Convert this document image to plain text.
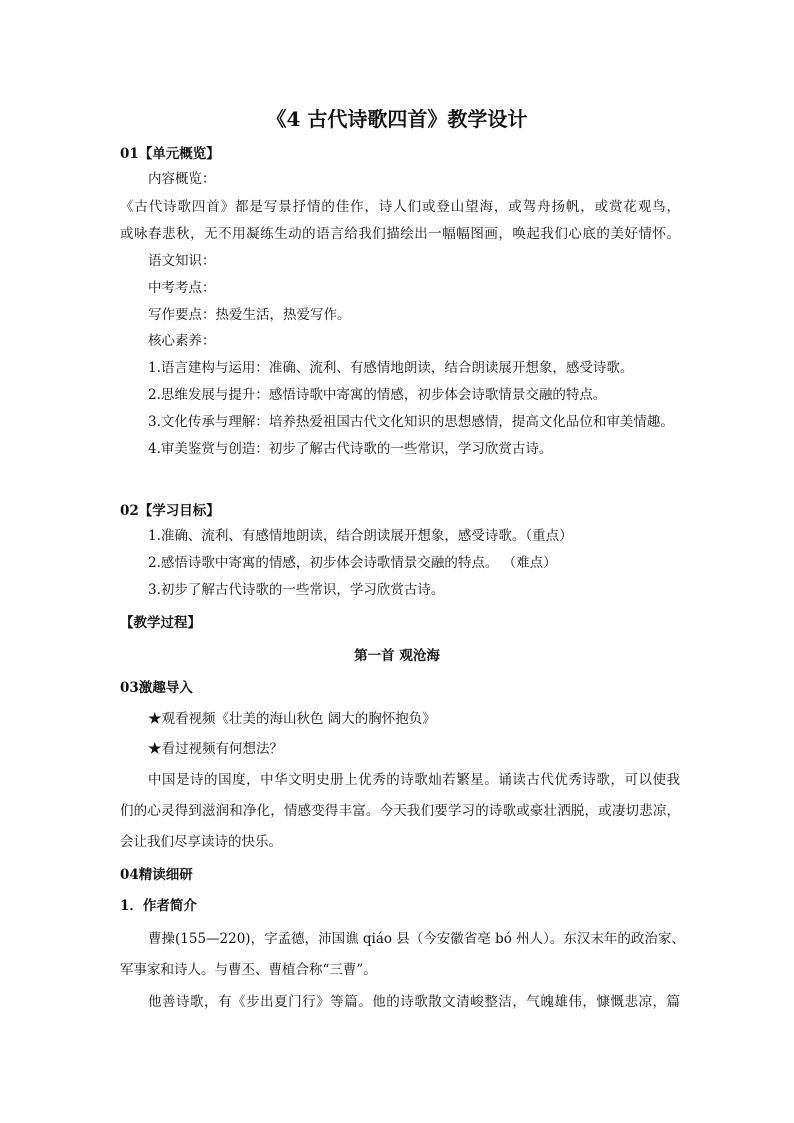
《4 古代诗歌四首》教学设计
01【单元概览】
内容概览：
《古代诗歌四首》都是写景抒情的佳作，诗人们或登山望海，或驾舟扬帆，或赏花观鸟，
或咏春悲秋，无不用凝练生动的语言给我们描绘出一幅幅图画，唤起我们心底的美好情怀。
语文知识：
中考考点：
写作要点：热爱生活，热爱写作。
核心素养：
1.语言建构与运用：准确、流利、有感情地朗读，结合朗读展开想象，感受诗歌。
2.思维发展与提升：感悟诗歌中寄寓的情感，初步体会诗歌情景交融的特点。
3.文化传承与理解：培养热爱祖国古代文化知识的思想感情，提高文化品位和审美情趣。
4.审美鉴赏与创造：初步了解古代诗歌的一些常识，学习欣赏古诗。
02【学习目标】
1.准确、流利、有感情地朗读，结合朗读展开想象，感受诗歌。（重点）
2.感悟诗歌中寄寓的情感，初步体会诗歌情景交融的特点。 （难点）
3.初步了解古代诗歌的一些常识，学习欣赏古诗。
【教学过程】
第一首 观沧海
03激趣导入
★观看视频《壮美的海山秋色 阔大的胸怀抱负》
★看过视频有何想法？
中国是诗的国度，中华文明史册上优秀的诗歌灿若繁星。诵读古代优秀诗歌，可以使我
们的心灵得到滋润和净化，情感变得丰富。今天我们要学习的诗歌或豪壮洒脱，或凄切悲凉，
会让我们尽享读诗的快乐。
04精读细研
1．作者简介
曹操(155—220)，字孟德，沛国谯 qiáo 县（今安徽省亳 bó 州人）。东汉末年的政治家、
军事家和诗人。与曹丕、曹植合称“三曹”。
他善诗歌，有《步出夏门行》等篇。他的诗歌散文清峻整洁，气魄雄伟，慷慨悲凉，篇
